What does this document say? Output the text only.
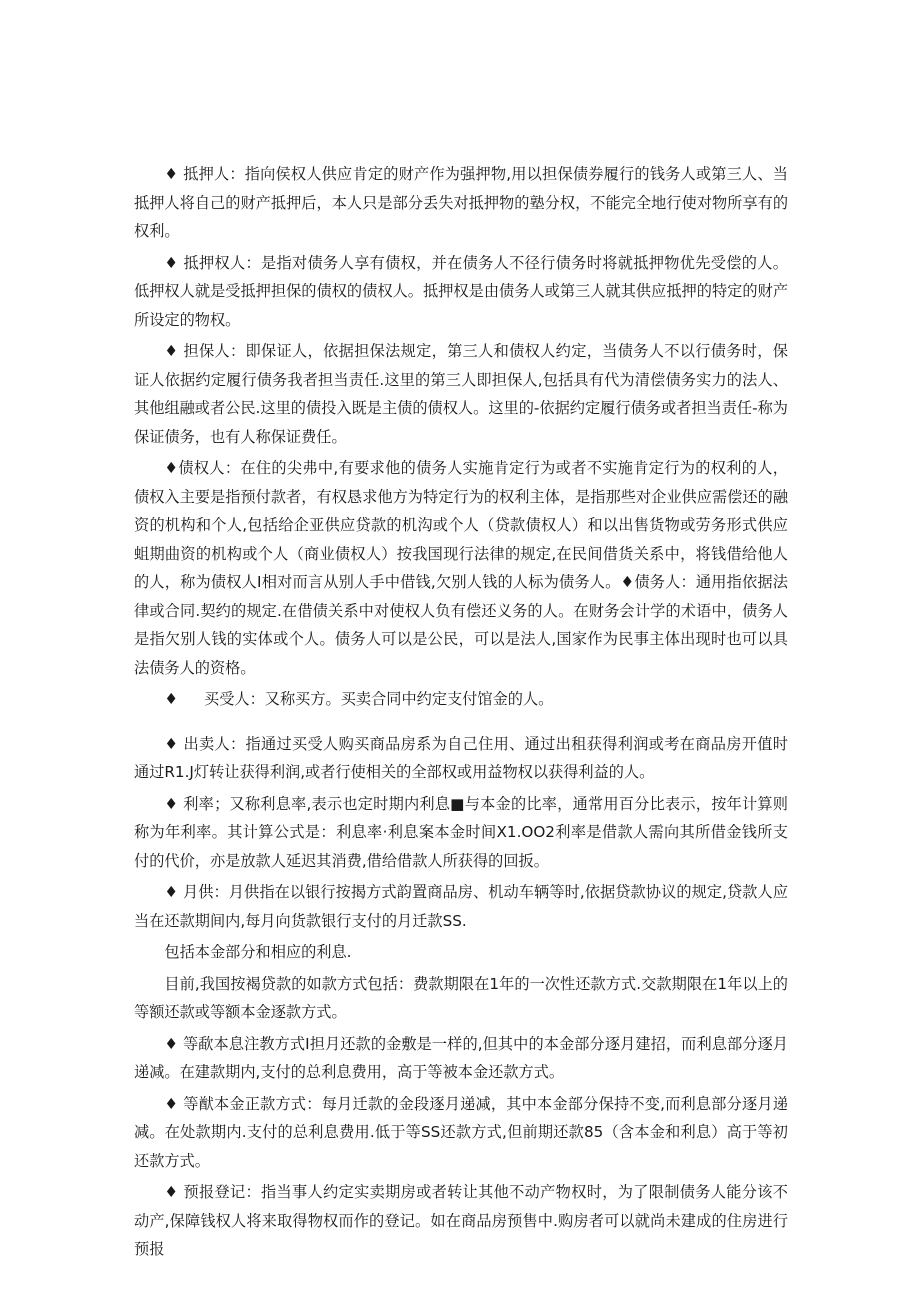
♦ 抵押人：指向侯权人供应肯定的财产作为强押物,用以担保债券履行的钱务人或第三人、当抵押人将自己的财产抵押后，本人只是部分丢失对抵押物的塾分权，不能完全地行使对物所享有的权利。

♦ 抵押权人：是指对债务人享有债权，并在债务人不径行债务时将就抵押物优先受偿的人。低押权人就是受抵押担保的债权的债权人。抵押权是由债务人或第三人就其供应抵押的特定的财产所设定的物权。

♦ 担保人：即保证人，依据担保法规定，第三人和债权人约定，当债务人不以行债务时，保证人依据约定履行债务我者担当责任.这里的第三人即担保人,包括具有代为清偿债务实力的法人、其他组融或者公民.这里的债投入既是主债的债权人。这里的-依据约定履行债务或者担当责任-称为保证债务，也有人称保证费任。

♦债权人：在住的尖弗中,有要求他的债务人实施肯定行为或者不实施肯定行为的权利的人，债权入主要是指预付款者，有权恳求他方为特定行为的权利主体，是指那些对企业供应需偿还的融资的机构和个人,包括给企亚供应贷款的机沟或个人（贷款债权人）和以出售货物或劳务形式供应蛆期曲资的机构或个人（商业债权人）按我国现行法律的规定,在民间借货关系中，将钱借给他人的人，称为债权人I相对而言从别人手中借钱,欠别人钱的人标为债务人。♦债务人：通用指依据法律或合同.契约的规定.在借债关系中对使权人负有偿还义务的人。在财务会计学的术语中，债务人是指欠别人钱的实体或个人。债务人可以是公民，可以是法人,国家作为民事主体出现时也可以具法债务人的资格。

♦ 买受人：又称买方。买卖合同中约定支付馆金的人。

♦ 出卖人：指通过买受人购买商品房系为自己住用、通过出租获得利润或考在商品房开值时通过R1.J灯转让获得利润,或者行使相关的全部权或用益物权以获得利益的人。

♦ 利率；又称利息率,表示也定时期内利息■与本金的比率，通常用百分比表示，按年计算则称为年利率。其计算公式是：利息率·利息案本金时间X1.OO2利率是借款人需向其所借金钱所支付的代价，亦是放款人延迟其消费,借给借款人所获得的回扳。

♦ 月供：月供指在以银行按揭方式韵置商品房、机动车辆等时,依据贷款协议的规定,贷款人应当在还款期间内,每月向货款银行支付的月迁款SS.

包括本金部分和相应的利息.

目前,我国按褐贷款的如款方式包括：费款期限在1年的一次性还款方式.交款期限在1年以上的等额还款或等额本金逐款方式。

♦ 等歃本息注教方式I担月还款的金敷是一样的,但其中的本金部分逐月建招，而利息部分逐月递减。在建款期内,支付的总利息费用，高于等被本金还款方式。

♦ 等猷本金正款方式：每月迁款的金段逐月递减，其中本金部分保持不变,而利息部分逐月递减。在处款期内.支付的总利息费用.低于等SS还款方式,但前期还款85（含本金和利息）高于等初还款方式。

♦ 预报登记：指当事人约定实卖期房或者转让其他不动产物权时，为了限制债务人能分该不动产,保障钱权人将来取得物权而作的登记。如在商品房预售中.购房者可以就尚未建成的住房进行预报
